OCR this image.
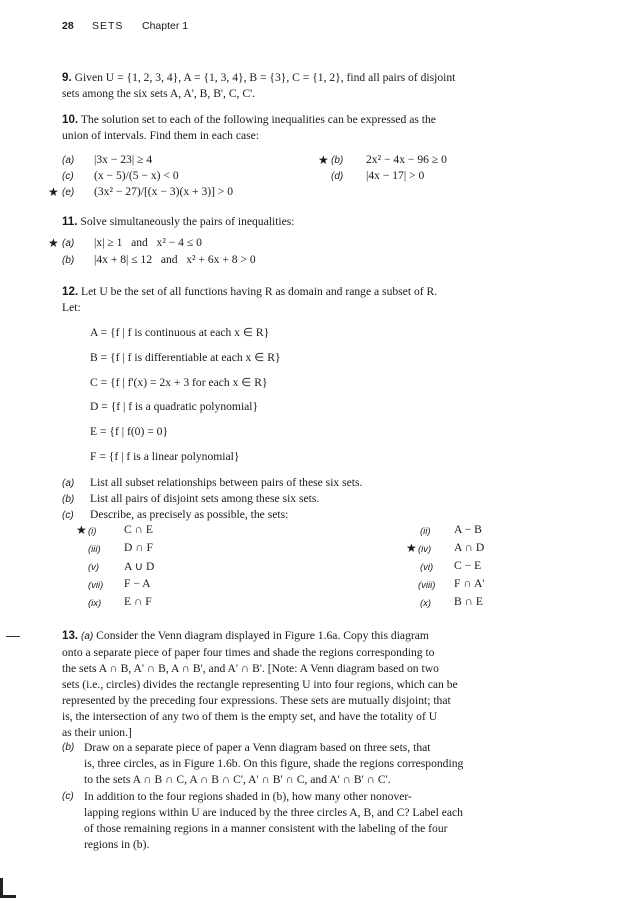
28 SETS Chapter 1
9. Given U = {1, 2, 3, 4}, A = {1, 3, 4}, B = {3}, C = {1, 2}, find all pairs of disjoint
sets among the six sets A, A', B, B', C, C'.
10. The solution set to each of the following inequalities can be expressed as the
union of intervals. Find them in each case:
(a) |3x − 23| ≥ 4	★ (b) 2x² − 4x − 96 ≥ 0
(c) (x − 5)/(5 − x) < 0	(d) |4x − 17| > 0
★ (e) (3x² − 27)/[(x − 3)(x + 3)] > 0
11. Solve simultaneously the pairs of inequalities:
★ (a) |x| ≥ 1   and   x² − 4 ≤ 0
(b) |4x + 8| ≤ 12   and   x² + 6x + 8 > 0
12. Let U be the set of all functions having R as domain and range a subset of R.
Let:
A = {f | f is continuous at each x ∈ R}
B = {f | f is differentiable at each x ∈ R}
C = {f | f'(x) = 2x + 3 for each x ∈ R}
D = {f | f is a quadratic polynomial}
E = {f | f(0) = 0}
F = {f | f is a linear polynomial}
(a) List all subset relationships between pairs of these six sets.
(b) List all pairs of disjoint sets among these six sets.
(c) Describe, as precisely as possible, the sets:
★ (i) C ∩ E
(iii) D ∩ F
(v) A ∪ D
(vii) F − A
(ix) E ∩ F
(ii) A − B
★ (iv) A ∩ D
(vi) C − E
(viii) F ∩ A'
(x) B ∩ E
13. (a) Consider the Venn diagram displayed in Figure 1.6a. Copy this diagram
onto a separate piece of paper four times and shade the regions corresponding to
the sets A ∩ B, A' ∩ B, A ∩ B', and A' ∩ B'. [Note: A Venn diagram based on two
sets (i.e., circles) divides the rectangle representing U into four regions, which can be
represented by the preceding four expressions. These sets are mutually disjoint; that
is, the intersection of any two of them is the empty set, and have the totality of U
as their union.]
(b) Draw on a separate piece of paper a Venn diagram based on three sets, that
is, three circles, as in Figure 1.6b. On this figure, shade the regions corresponding
to the sets A ∩ B ∩ C, A ∩ B ∩ C', A' ∩ B' ∩ C, and A' ∩ B' ∩ C'.
(c) In addition to the four regions shaded in (b), how many other nonover-
lapping regions within U are induced by the three circles A, B, and C? Label each
of those remaining regions in a manner consistent with the labeling of the four
regions in (b).
